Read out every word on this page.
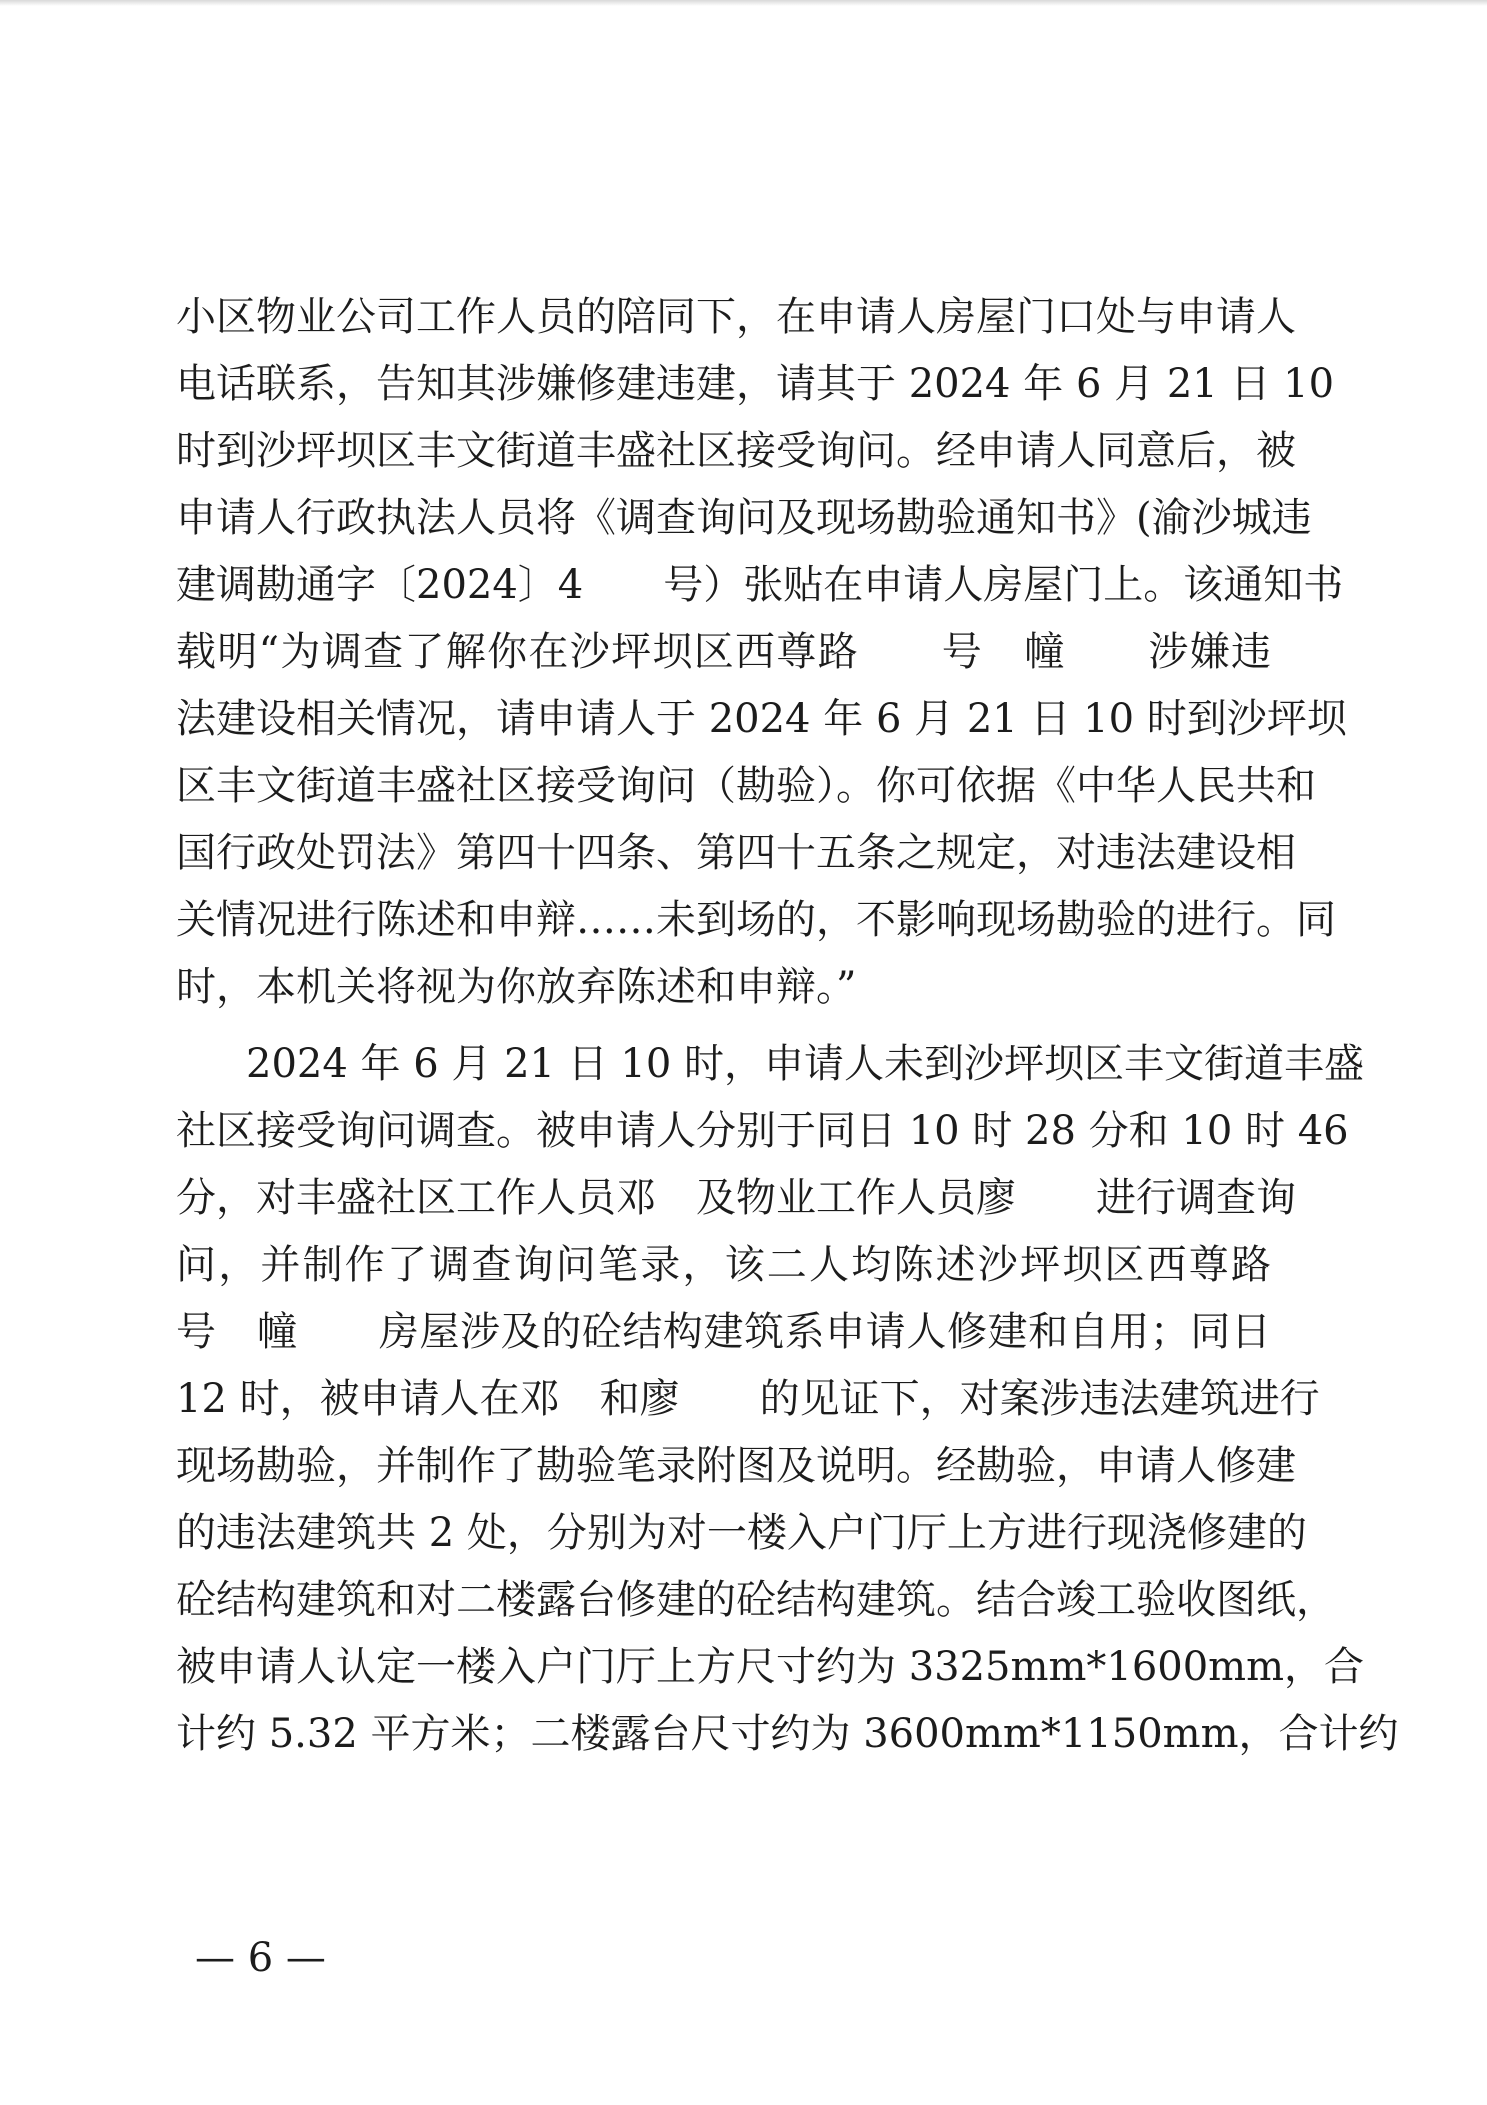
小区物业公司工作人员的陪同下，在申请人房屋门口处与申请人
电话联系，告知其涉嫌修建违建，请其于 2024 年 6 月 21 日 10
时到沙坪坝区丰文街道丰盛社区接受询问。经申请人同意后，被
申请人行政执法人员将《调查询问及现场勘验通知书》(渝沙城违
建调勘通字〔2024〕4　　号）张贴在申请人房屋门上。该通知书
载明“为调查了解你在沙坪坝区西尊路　　号　幢　　涉嫌违
法建设相关情况，请申请人于 2024 年 6 月 21 日 10 时到沙坪坝
区丰文街道丰盛社区接受询问（勘验）。你可依据《中华人民共和
国行政处罚法》第四十四条、第四十五条之规定，对违法建设相
关情况进行陈述和申辩……未到场的，不影响现场勘验的进行。同
时，本机关将视为你放弃陈述和申辩。”
2024 年 6 月 21 日 10 时，申请人未到沙坪坝区丰文街道丰盛
社区接受询问调查。被申请人分别于同日 10 时 28 分和 10 时 46
分，对丰盛社区工作人员邓　及物业工作人员廖　　进行调查询
问，并制作了调查询问笔录，该二人均陈述沙坪坝区西尊路
号　幢　　房屋涉及的砼结构建筑系申请人修建和自用；同日
12 时，被申请人在邓　和廖　　的见证下，对案涉违法建筑进行
现场勘验，并制作了勘验笔录附图及说明。经勘验，申请人修建
的违法建筑共 2 处，分别为对一楼入户门厅上方进行现浇修建的
砼结构建筑和对二楼露台修建的砼结构建筑。结合竣工验收图纸，
被申请人认定一楼入户门厅上方尺寸约为 3325mm*1600mm，合
计约 5.32 平方米；二楼露台尺寸约为 3600mm*1150mm，合计约
— 6 —
